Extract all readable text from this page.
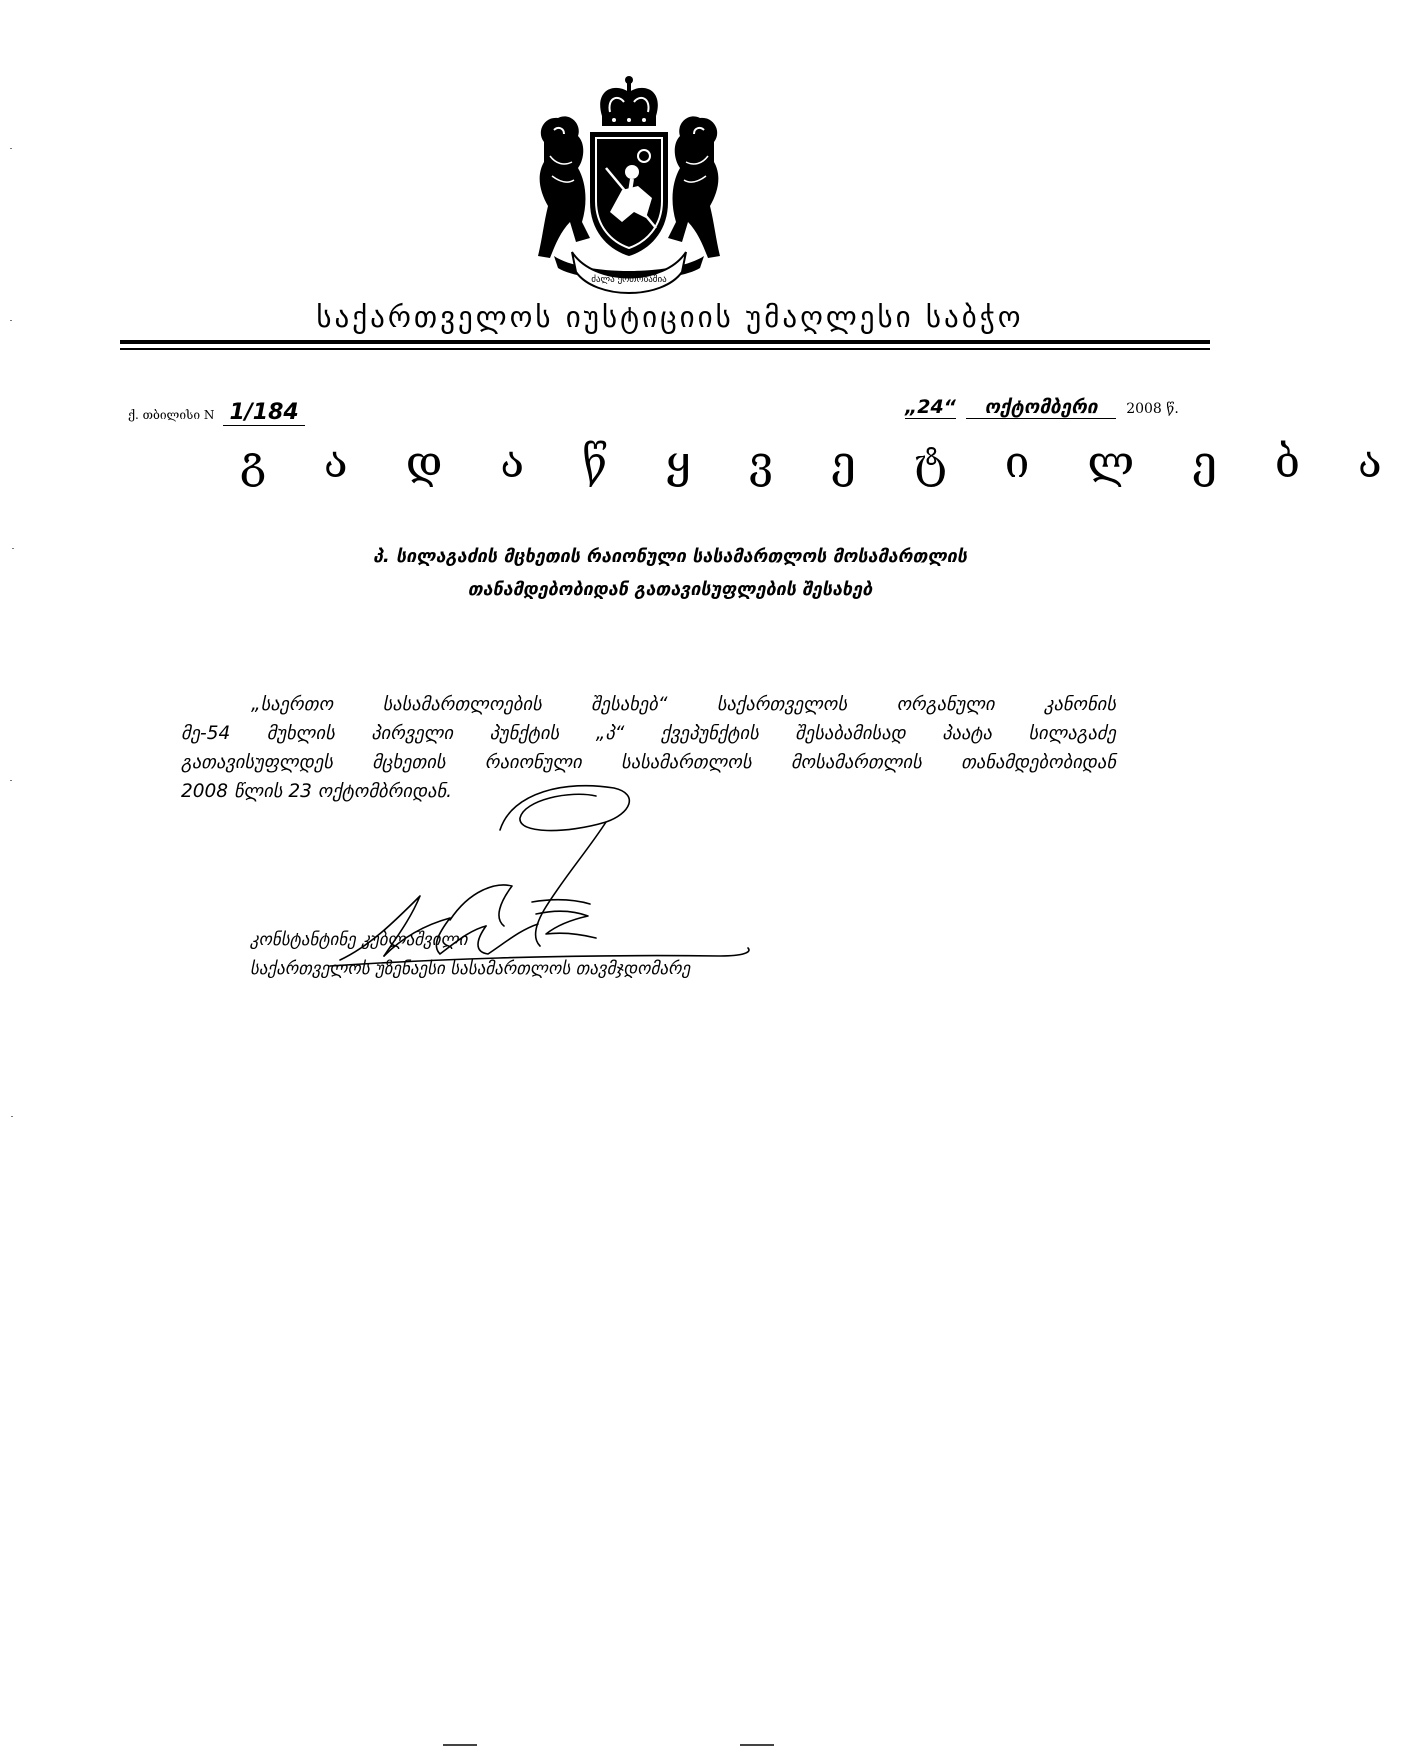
ძალა ერთობაშია
საქართველოს იუსტიციის უმაღლესი საბჭო
ქ. თბილისი N 1/184	„24“ ოქტომბერი 2008 წ.
გ ა დ ა წ ყ ვ ე ტ ი ლ ე ბ ა
პ. სილაგაძის მცხეთის რაიონული სასამართლოს მოსამართლის
თანამდებობიდან გათავისუფლების შესახებ
„საერთო სასამართლოების შესახებ“ საქართველოს ორგანული კანონის
მე-54 მუხლის პირველი პუნქტის „პ“ ქვეპუნქტის შესაბამისად პაატა სილაგაძე
გათავისუფლდეს მცხეთის რაიონული სასამართლოს მოსამართლის თანამდებობიდან
2008 წლის 23 ოქტომბრიდან.
კონსტანტინე კუბლაშვილი
საქართველოს უზენაესი სასამართლოს თავმჯდომარე
